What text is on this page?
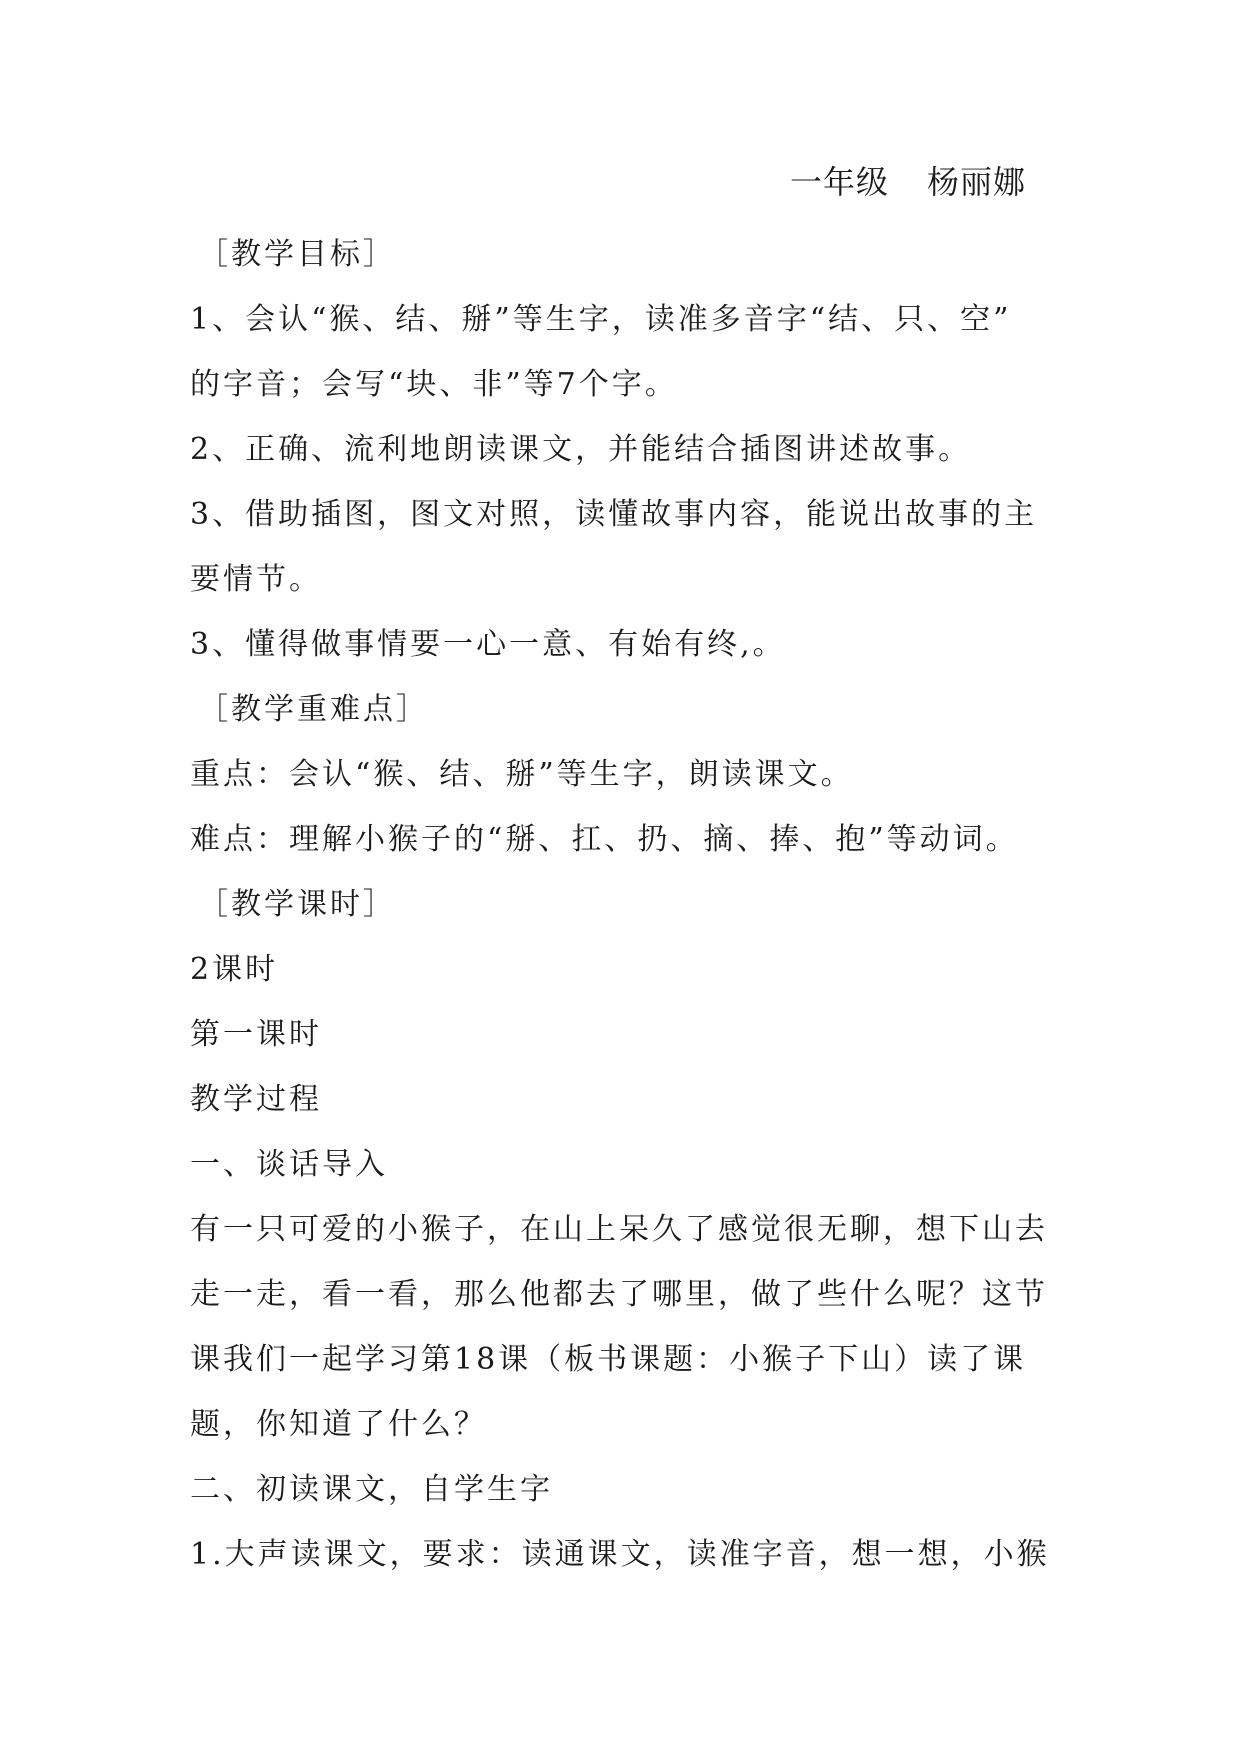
一年级 杨丽娜
［教学目标］
1、会认“猴、结、掰”等生字，读准多音字“结、只、空”
的字音；会写“块、非”等7个字。
2、正确、流利地朗读课文，并能结合插图讲述故事。
3、借助插图，图文对照，读懂故事内容，能说出故事的主
要情节。
3、懂得做事情要一心一意、有始有终,。
［教学重难点］
重点：会认“猴、结、掰”等生字，朗读课文。
难点：理解小猴子的“掰、扛、扔、摘、捧、抱”等动词。
［教学课时］
2课时
第一课时
教学过程
一、谈话导入
有一只可爱的小猴子，在山上呆久了感觉很无聊，想下山去
走一走，看一看，那么他都去了哪里，做了些什么呢？这节
课我们一起学习第18课（板书课题：小猴子下山）读了课
题，你知道了什么？
二、初读课文，自学生字
1.大声读课文，要求：读通课文，读准字音，想一想，小猴
